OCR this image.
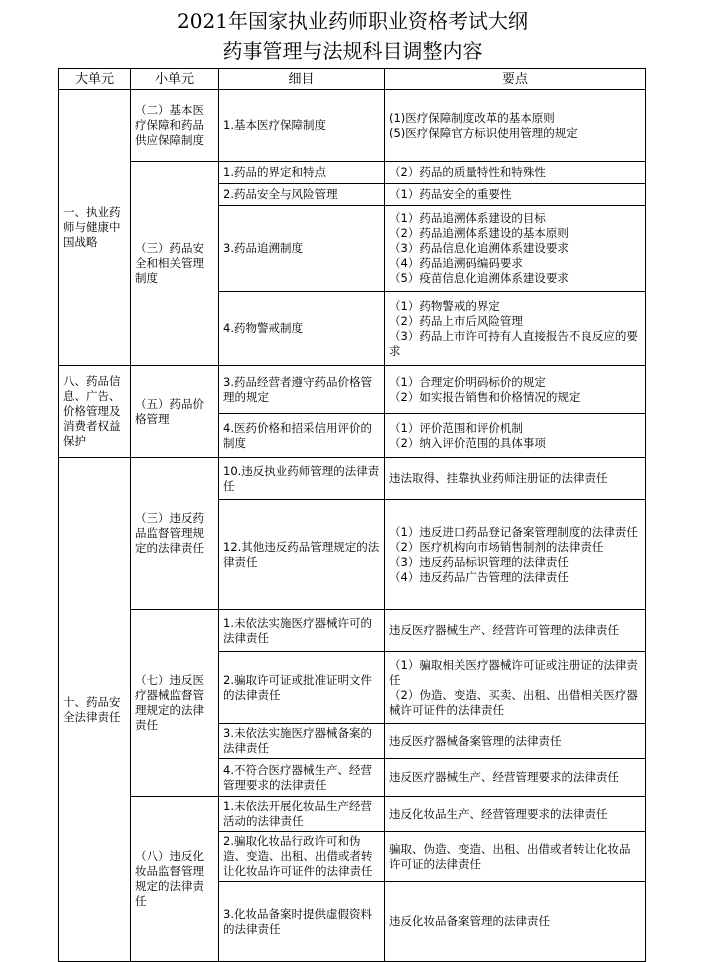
2021年国家执业药师职业资格考试大纲
药事管理与法规科目调整内容
大单元	小单元	细目	要点
一、执业药师与健康中国战略	（二）基本医疗保障和药品供应保障制度	1.基本医疗保障制度	(1)医疗保障制度改革的基本原则
(5)医疗保障官方标识使用管理的规定

	（三）药品安全和相关管理制度	1.药品的界定和特点	（2）药品的质量特性和特殊性

		2.药品安全与风险管理	（1）药品安全的重要性

		3.药品追溯制度	（1）药品追溯体系建设的目标
（2）药品追溯体系建设的基本原则
（3）药品信息化追溯体系建设要求
（4）药品追溯码编码要求
（5）疫苗信息化追溯体系建设要求

		4.药物警戒制度	（1）药物警戒的界定
（2）药品上市后风险管理
（3）药品上市许可持有人直接报告不良反应的要求

八、药品信息、广告、价格管理及消费者权益保护	（五）药品价格管理	3.药品经营者遵守药品价格管理的规定	（1）合理定价明码标价的规定
（2）如实报告销售和价格情况的规定

		4.医药价格和招采信用评价的制度	（1）评价范围和评价机制
（2）纳入评价范围的具体事项

十、药品安全法律责任	（三）违反药品监督管理规定的法律责任	10.违反执业药师管理的法律责任	违法取得、挂靠执业药师注册证的法律责任

		12.其他违反药品管理规定的法律责任	（1）违反进口药品登记备案管理制度的法律责任
（2）医疗机构向市场销售制剂的法律责任
（3）违反药品标识管理的法律责任
（4）违反药品广告管理的法律责任

	（七）违反医疗器械监督管理规定的法律责任	1.未依法实施医疗器械许可的法律责任	违反医疗器械生产、经营许可管理的法律责任

		2.骗取许可证或批准证明文件的法律责任	（1）骗取相关医疗器械许可证或注册证的法律责任
（2）伪造、变造、买卖、出租、出借相关医疗器械许可证件的法律责任

		3.未依法实施医疗器械备案的法律责任	违反医疗器械备案管理的法律责任

		4.不符合医疗器械生产、经营管理要求的法律责任	违反医疗器械生产、经营管理要求的法律责任

	（八）违反化妆品监督管理规定的法律责任	1.未依法开展化妆品生产经营活动的法律责任	违反化妆品生产、经营管理要求的法律责任

		2.骗取化妆品行政许可和伪造、变造、出租、出借或者转让化妆品许可证件的法律责任	骗取、伪造、变造、出租、出借或者转让化妆品许可证的法律责任

		3.化妆品备案时提供虚假资料的法律责任	违反化妆品备案管理的法律责任
